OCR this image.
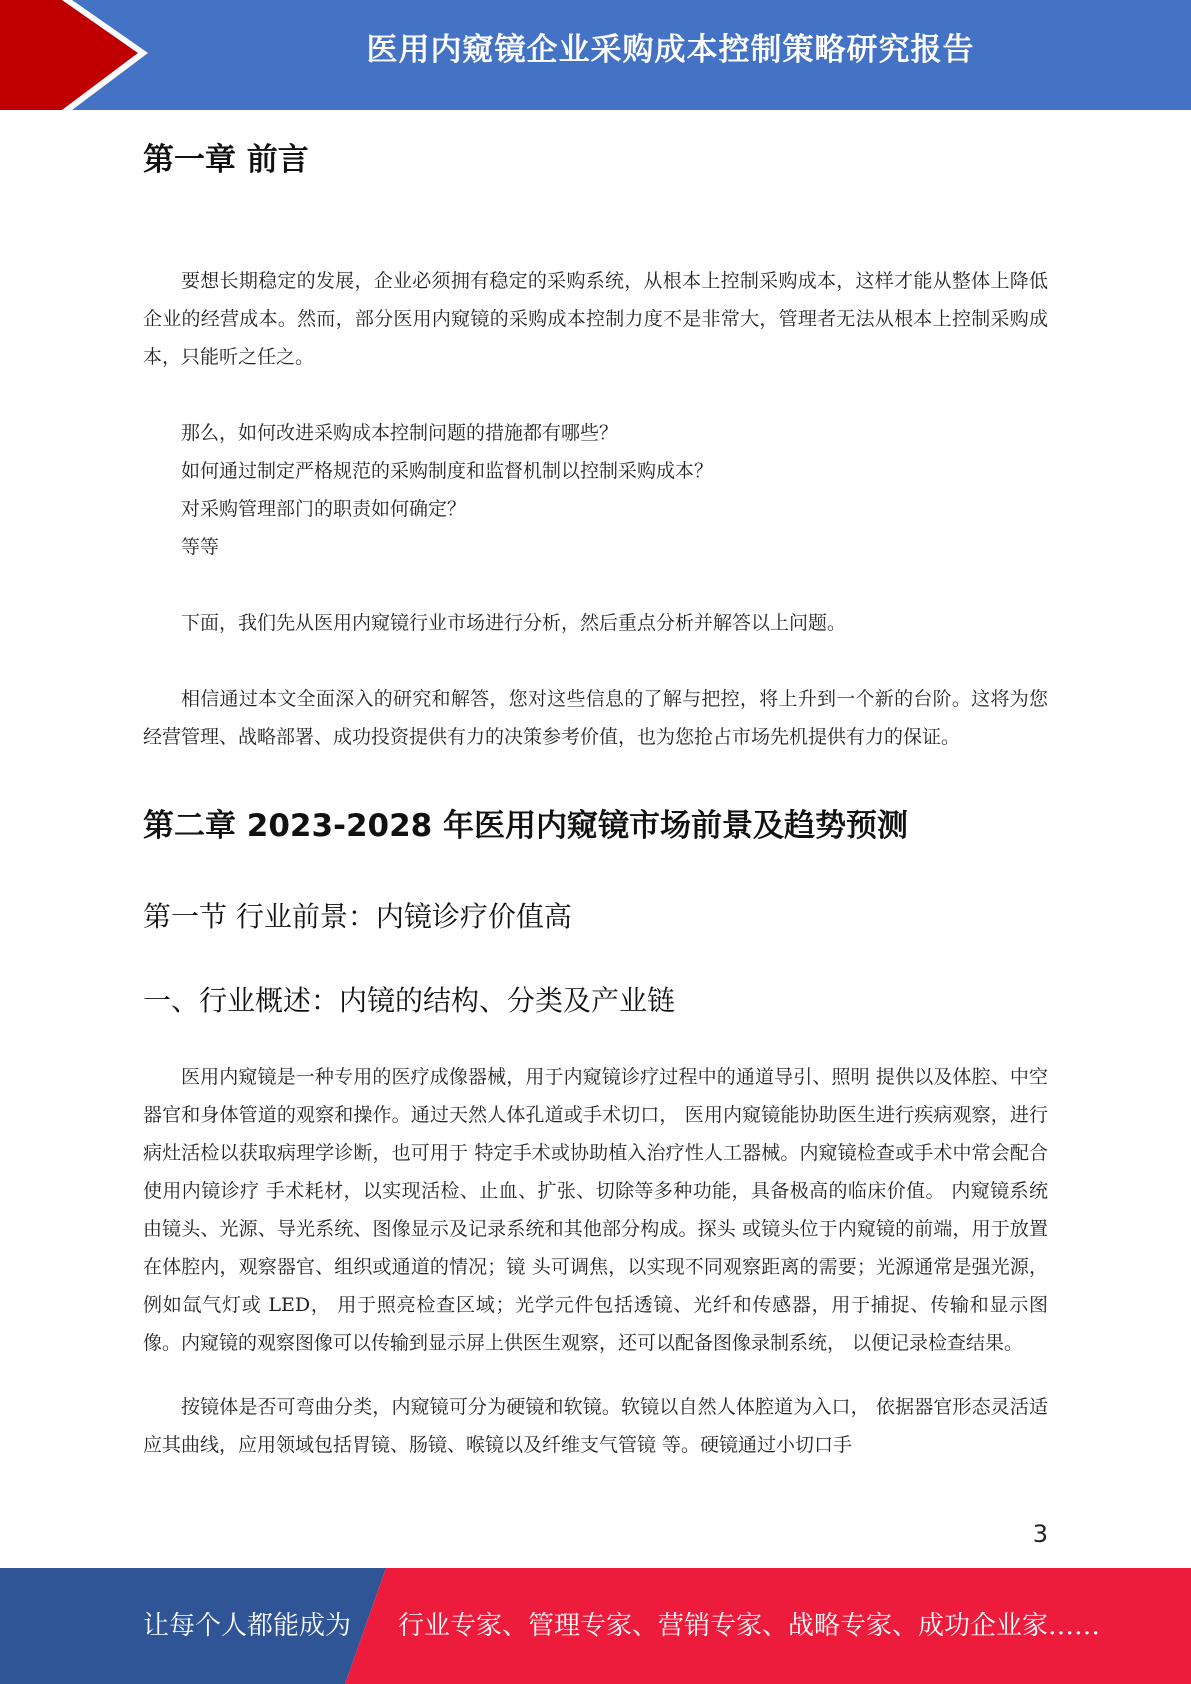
医用内窥镜企业采购成本控制策略研究报告
第一章 前言

要想长期稳定的发展，企业必须拥有稳定的采购系统，从根本上控制采购成本，这样才能从整体上降低企业的经营成本。然而，部分医用内窥镜的采购成本控制力度不是非常大，管理者无法从根本上控制采购成本，只能听之任之。

那么，如何改进采购成本控制问题的措施都有哪些？

如何通过制定严格规范的采购制度和监督机制以控制采购成本？

对采购管理部门的职责如何确定？

等等

下面，我们先从医用内窥镜行业市场进行分析，然后重点分析并解答以上问题。

相信通过本文全面深入的研究和解答，您对这些信息的了解与把控，将上升到一个新的台阶。这将为您经营管理、战略部署、成功投资提供有力的决策参考价值，也为您抢占市场先机提供有力的保证。

第二章 2023-2028 年医用内窥镜市场前景及趋势预测
第一节 行业前景：内镜诊疗价值高
一、行业概述：内镜的结构、分类及产业链

医用内窥镜是一种专用的医疗成像器械，用于内窥镜诊疗过程中的通道导引、照明 提供以及体腔、中空器官和身体管道的观察和操作。通过天然人体孔道或手术切口， 医用内窥镜能协助医生进行疾病观察，进行病灶活检以获取病理学诊断，也可用于 特定手术或协助植入治疗性人工器械。内窥镜检查或手术中常会配合使用内镜诊疗 手术耗材，以实现活检、止血、扩张、切除等多种功能，具备极高的临床价值。 内窥镜系统由镜头、光源、导光系统、图像显示及记录系统和其他部分构成。探头 或镜头位于内窥镜的前端，用于放置在体腔内，观察器官、组织或通道的情况；镜 头可调焦，以实现不同观察距离的需要；光源通常是强光源，例如氙气灯或 LED， 用于照亮检查区域；光学元件包括透镜、光纤和传感器，用于捕捉、传输和显示图 像。内窥镜的观察图像可以传输到显示屏上供医生观察，还可以配备图像录制系统， 以便记录检查结果。

按镜体是否可弯曲分类，内窥镜可分为硬镜和软镜。软镜以自然人体腔道为入口， 依据器官形态灵活适应其曲线，应用领域包括胃镜、肠镜、喉镜以及纤维支气管镜 等。硬镜通过小切口手

3
让每个人都能成为 行业专家、管理专家、营销专家、战略专家、成功企业家……
